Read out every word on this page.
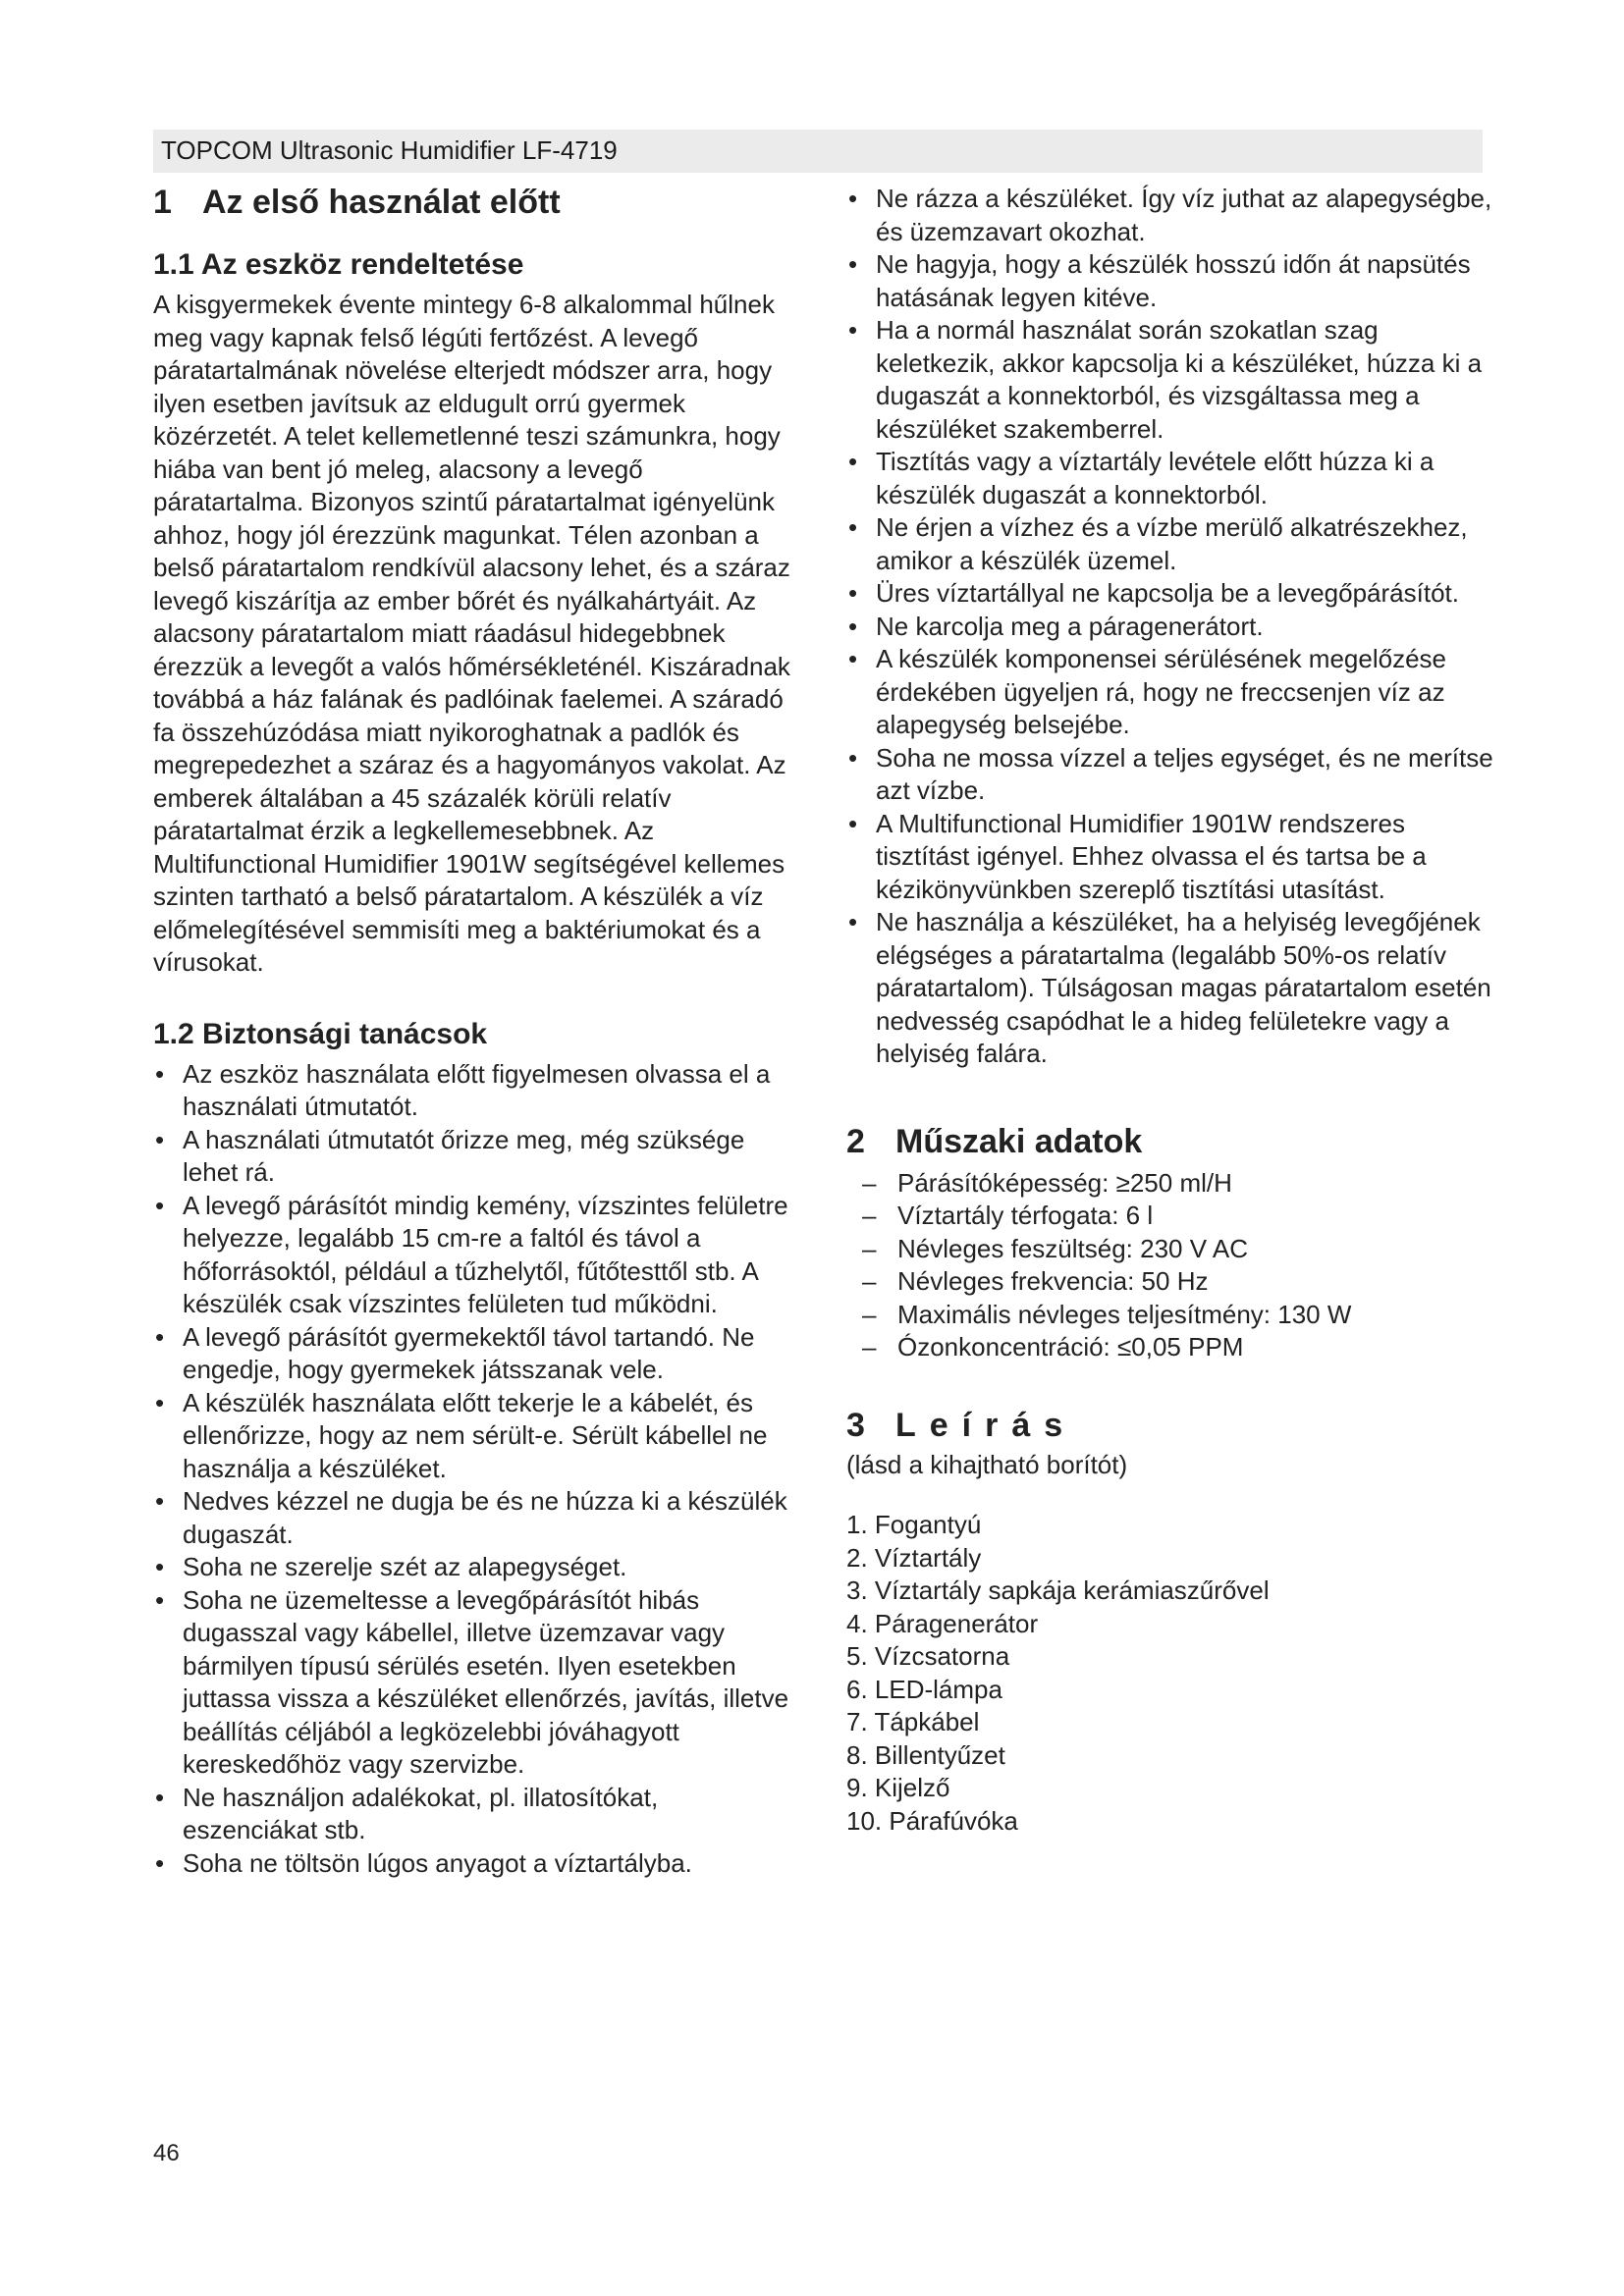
TOPCOM Ultrasonic Humidifier LF-4719
1 Az első használat előtt
1.1 Az eszköz rendeltetése

A kisgyermekek évente mintegy 6-8 alkalommal hűlnek meg vagy kapnak felső légúti fertőzést. A levegő páratartalmának növelése elterjedt módszer arra, hogy ilyen esetben javítsuk az eldugult orrú gyermek közérzetét. A telet kellemetlenné teszi számunkra, hogy hiába van bent jó meleg, alacsony a levegő páratartalma. Bizonyos szintű páratartalmat igényelünk ahhoz, hogy jól érezzünk magunkat. Télen azonban a belső páratartalom rendkívül alacsony lehet, és a száraz levegő kiszárítja az ember bőrét és nyálkahártyáit. Az alacsony páratartalom miatt ráadásul hidegebbnek érezzük a levegőt a valós hőmérsékleténél. Kiszáradnak továbbá a ház falának és padlóinak faelemei. A száradó fa összehúzódása miatt nyikoroghatnak a padlók és megrepedezhet a száraz és a hagyományos vakolat. Az emberek általában a 45 százalék körüli relatív páratartalmat érzik a legkellemesebbnek. Az Multifunctional Humidifier 1901W segítségével kellemes szinten tartható a belső páratartalom. A készülék a víz előmelegítésével semmisíti meg a baktériumokat és a vírusokat.

1.2 Biztonsági tanácsok
• Az eszköz használata előtt figyelmesen olvassa el a használati útmutatót.
• A használati útmutatót őrizze meg, még szüksége lehet rá.
• A levegő párásítót mindig kemény, vízszintes felületre helyezze, legalább 15 cm-re a faltól és távol a hőforrásoktól, például a tűzhelytől, fűtőtesttől stb. A készülék csak vízszintes felületen tud működni.
• A levegő párásítót gyermekektől távol tartandó. Ne engedje, hogy gyermekek játsszanak vele.
• A készülék használata előtt tekerje le a kábelét, és ellenőrizze, hogy az nem sérült-e. Sérült kábellel ne használja a készüléket.
• Nedves kézzel ne dugja be és ne húzza ki a készülék dugaszát.
• Soha ne szerelje szét az alapegységet.
• Soha ne üzemeltesse a levegőpárásítót hibás dugasszal vagy kábellel, illetve üzemzavar vagy bármilyen típusú sérülés esetén. Ilyen esetekben juttassa vissza a készüléket ellenőrzés, javítás, illetve beállítás céljából a legközelebbi jóváhagyott kereskedőhöz vagy szervizbe.
• Ne használjon adalékokat, pl. illatosítókat, eszenciákat stb.
• Soha ne töltsön lúgos anyagot a víztartályba.
• Ne rázza a készüléket. Így víz juthat az alapegységbe, és üzemzavart okozhat.
• Ne hagyja, hogy a készülék hosszú időn át napsütés hatásának legyen kitéve.
• Ha a normál használat során szokatlan szag keletkezik, akkor kapcsolja ki a készüléket, húzza ki a dugaszát a konnektorból, és vizsgáltassa meg a készüléket szakemberrel.
• Tisztítás vagy a víztartály levétele előtt húzza ki a készülék dugaszát a konnektorból.
• Ne érjen a vízhez és a vízbe merülő alkatrészekhez, amikor a készülék üzemel.
• Üres víztartállyal ne kapcsolja be a levegőpárásítót.
• Ne karcolja meg a páragenerátort.
• A készülék komponensei sérülésének megelőzése érdekében ügyeljen rá, hogy ne freccsenjen víz az alapegység belsejébe.
• Soha ne mossa vízzel a teljes egységet, és ne merítse azt vízbe.
• A Multifunctional Humidifier 1901W rendszeres tisztítást igényel. Ehhez olvassa el és tartsa be a kézikönyvünkben szereplő tisztítási utasítást.
• Ne használja a készüléket, ha a helyiség levegőjének elégséges a páratartalma (legalább 50%-os relatív páratartalom). Túlságosan magas páratartalom esetén nedvesség csapódhat le a hideg felületekre vagy a helyiség falára.
2 Műszaki adatok
– Párásítóképesség: ≥250 ml/H
– Víztartály térfogata: 6 l
– Névleges feszültség: 230 V AC
– Névleges frekvencia: 50 Hz
– Maximális névleges teljesítmény: 130 W
– Ózonkoncentráció: ≤0,05 PPM
3 Leírás

(lásd a kihajtható borítót)

1. Fogantyú
2. Víztartály
3. Víztartály sapkája kerámiaszűrővel
4. Páragenerátor
5. Vízcsatorna
6. LED-lámpa
7. Tápkábel
8. Billentyűzet
9. Kijelző
10. Párafúvóka
46
